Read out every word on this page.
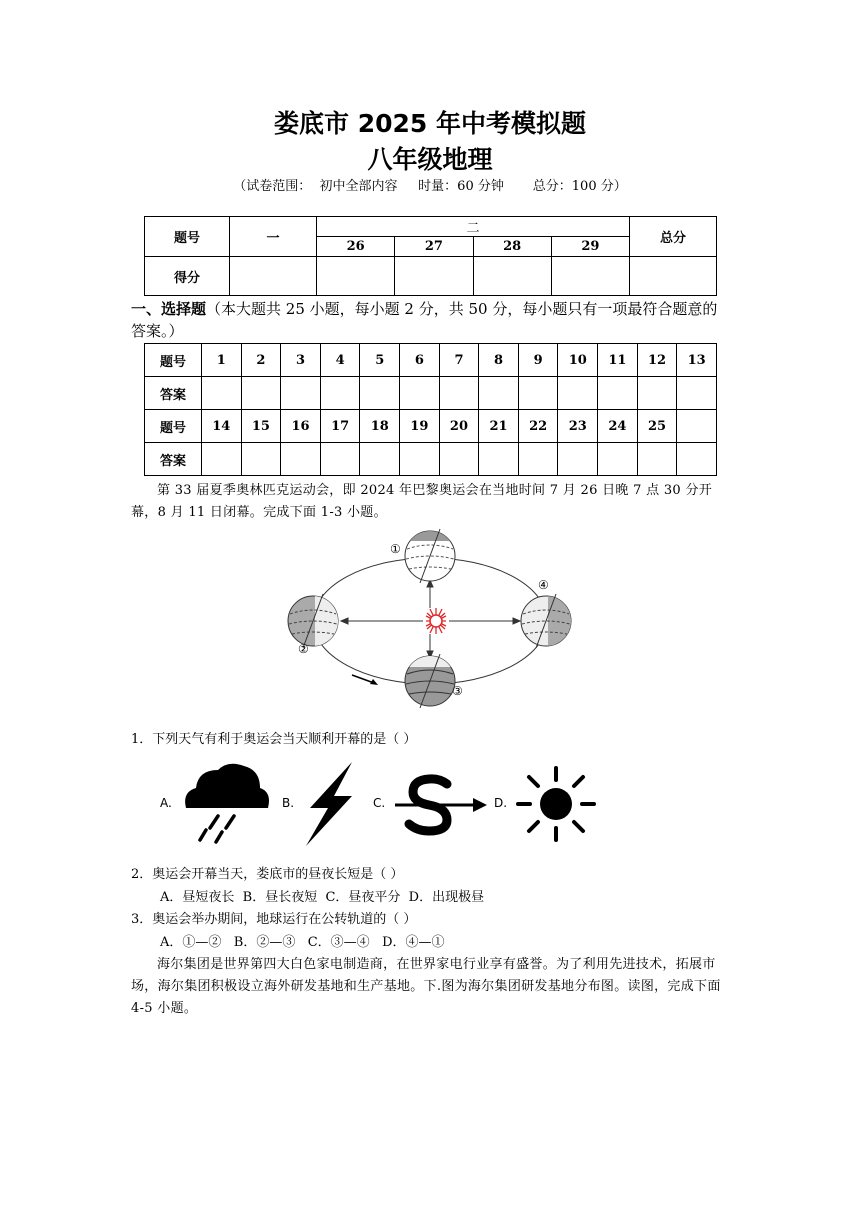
娄底市 2025 年中考模拟题
八年级地理
（试卷范围：  初中全部内容     时量：60 分钟       总分：100 分）
题号	一	二				总分
		26	27	28	29	
得分						
一、选择题（本大题共 25 小题，每小题 2 分，共 50 分，每小题只有一项最符合题意的答案。）
题号	1	2	3	4	5	6	7	8	9	10	11	12	13
答案													
题号	14	15	16	17	18	19	20	21	22	23	24	25	
答案													
第 33 届夏季奥林匹克运动会，即 2024 年巴黎奥运会在当地时间 7 月 26 日晚 7 点 30 分开幕，8 月 11 日闭幕。完成下面 1-3 小题。
①
②
③
④
1．下列天气有利于奥运会当天顺利开幕的是（ ）
A.	B.	C.	D.
2．奥运会开幕当天，娄底市的昼夜长短是（ ）
A．昼短夜长  B．昼长夜短  C．昼夜平分  D．出现极昼
3．奥运会举办期间，地球运行在公转轨道的（ ）
A．①—②   B．②—③   C．③—④   D．④—①
海尔集团是世界第四大白色家电制造商，在世界家电行业享有盛誉。为了利用先进技术，拓展市场，海尔集团积极设立海外研发基地和生产基地。下.图为海尔集团研发基地分布图。读图，完成下面 4-5 小题。
